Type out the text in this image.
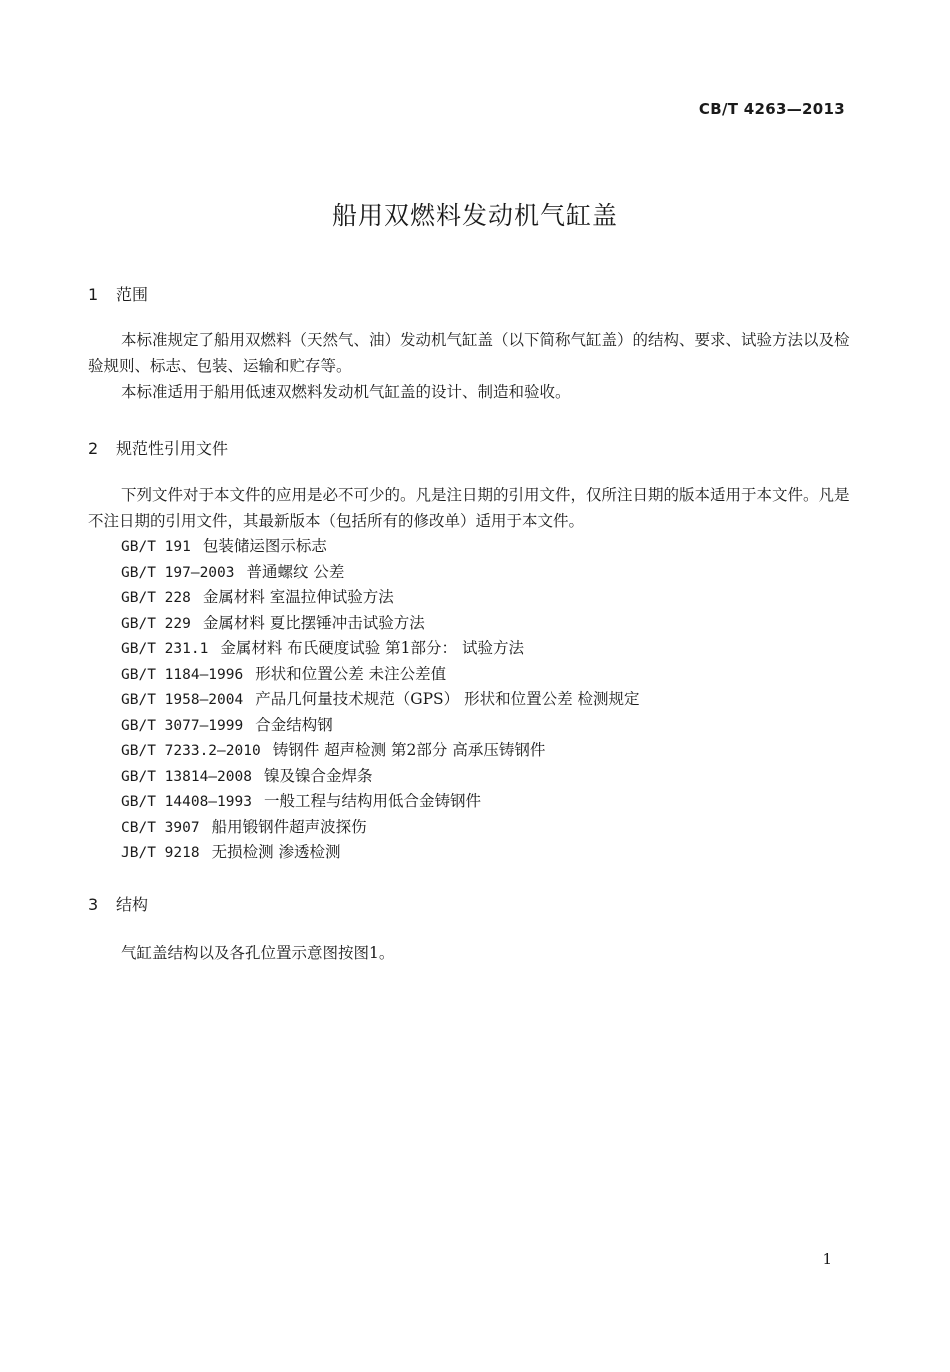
CB/T 4263—2013
船用双燃料发动机气缸盖
1 范围
本标准规定了船用双燃料（天然气、油）发动机气缸盖（以下简称气缸盖）的结构、要求、试验方法以及检验规则、标志、包装、运输和贮存等。
本标准适用于船用低速双燃料发动机气缸盖的设计、制造和验收。
2 规范性引用文件
下列文件对于本文件的应用是必不可少的。凡是注日期的引用文件，仅所注日期的版本适用于本文件。凡是不注日期的引用文件，其最新版本（包括所有的修改单）适用于本文件。
GB/T 191 包装储运图示标志
GB/T 197—2003 普通螺纹 公差
GB/T 228 金属材料 室温拉伸试验方法
GB/T 229 金属材料 夏比摆锤冲击试验方法
GB/T 231.1 金属材料 布氏硬度试验 第1部分： 试验方法
GB/T 1184—1996 形状和位置公差 未注公差值
GB/T 1958—2004 产品几何量技术规范（GPS） 形状和位置公差 检测规定
GB/T 3077—1999 合金结构钢
GB/T 7233.2—2010 铸钢件 超声检测 第2部分 高承压铸钢件
GB/T 13814—2008 镍及镍合金焊条
GB/T 14408—1993 一般工程与结构用低合金铸钢件
CB/T 3907 船用锻钢件超声波探伤
JB/T 9218 无损检测 渗透检测
3 结构
气缸盖结构以及各孔位置示意图按图1。
1
